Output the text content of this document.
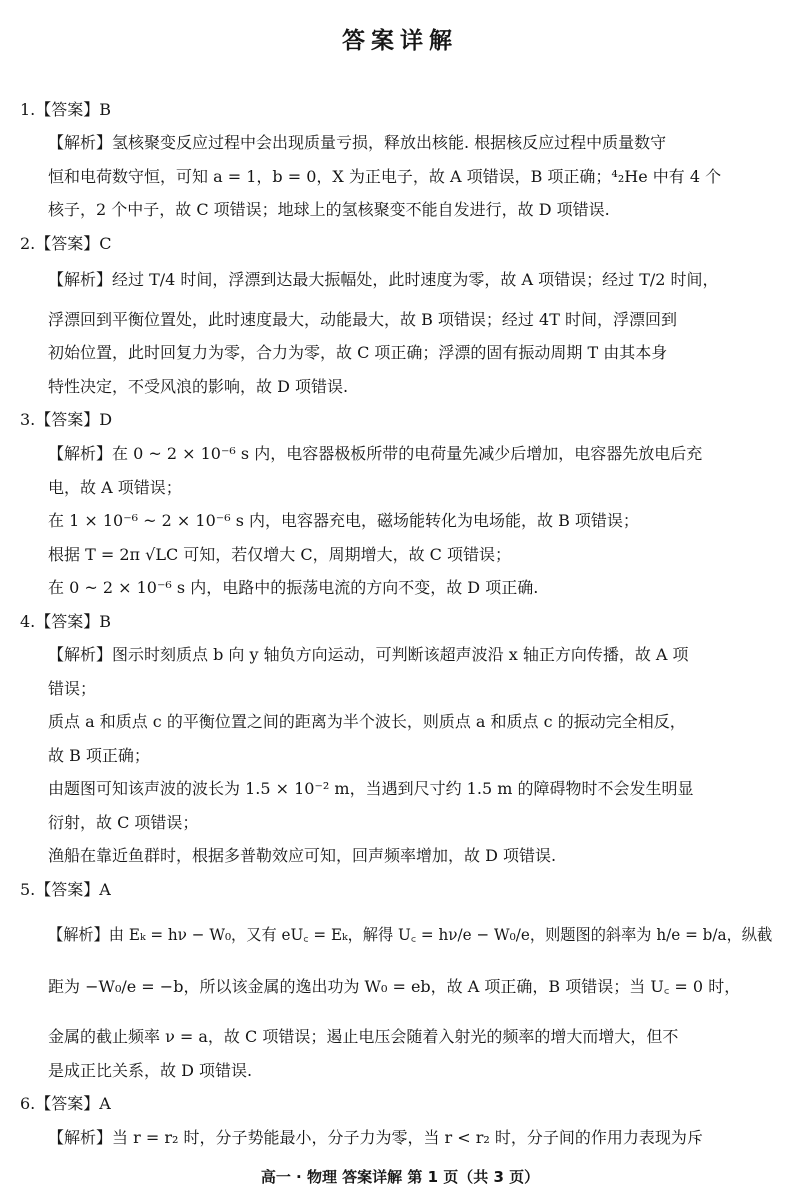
答案详解
1.【答案】B
【解析】氢核聚变反应过程中会出现质量亏损，释放出核能. 根据核反应过程中质量数守
恒和电荷数守恒，可知 a = 1，b = 0，X 为正电子，故 A 项错误，B 项正确；⁴₂He 中有 4 个
核子，2 个中子，故 C 项错误；地球上的氢核聚变不能自发进行，故 D 项错误.
2.【答案】C
【解析】经过 T/4 时间，浮漂到达最大振幅处，此时速度为零，故 A 项错误；经过 T/2 时间，
浮漂回到平衡位置处，此时速度最大，动能最大，故 B 项错误；经过 4T 时间，浮漂回到
初始位置，此时回复力为零，合力为零，故 C 项正确；浮漂的固有振动周期 T 由其本身
特性决定，不受风浪的影响，故 D 项错误.
3.【答案】D
【解析】在 0 ~ 2 × 10⁻⁶ s 内，电容器极板所带的电荷量先减少后增加，电容器先放电后充
电，故 A 项错误；
在 1 × 10⁻⁶ ~ 2 × 10⁻⁶ s 内，电容器充电，磁场能转化为电场能，故 B 项错误；
根据 T = 2π √LC 可知，若仅增大 C，周期增大，故 C 项错误；
在 0 ~ 2 × 10⁻⁶ s 内，电路中的振荡电流的方向不变，故 D 项正确.
4.【答案】B
【解析】图示时刻质点 b 向 y 轴负方向运动，可判断该超声波沿 x 轴正方向传播，故 A 项
错误；
质点 a 和质点 c 的平衡位置之间的距离为半个波长，则质点 a 和质点 c 的振动完全相反，
故 B 项正确；
由题图可知该声波的波长为 1.5 × 10⁻² m，当遇到尺寸约 1.5 m 的障碍物时不会发生明显
衍射，故 C 项错误；
渔船在靠近鱼群时，根据多普勒效应可知，回声频率增加，故 D 项错误.
5.【答案】A
【解析】由 Eₖ = hν − W₀，又有 eU꜀ = Eₖ，解得 U꜀ = hν/e − W₀/e，则题图的斜率为 h/e = b/a，纵截
距为 −W₀/e = −b，所以该金属的逸出功为 W₀ = eb，故 A 项正确，B 项错误；当 U꜀ = 0 时，
金属的截止频率 ν = a，故 C 项错误；遏止电压会随着入射光的频率的增大而增大，但不
是成正比关系，故 D 项错误.
6.【答案】A
【解析】当 r = r₂ 时，分子势能最小，分子力为零，当 r < r₂ 时，分子间的作用力表现为斥
高一 · 物理 答案详解 第 1 页（共 3 页）
